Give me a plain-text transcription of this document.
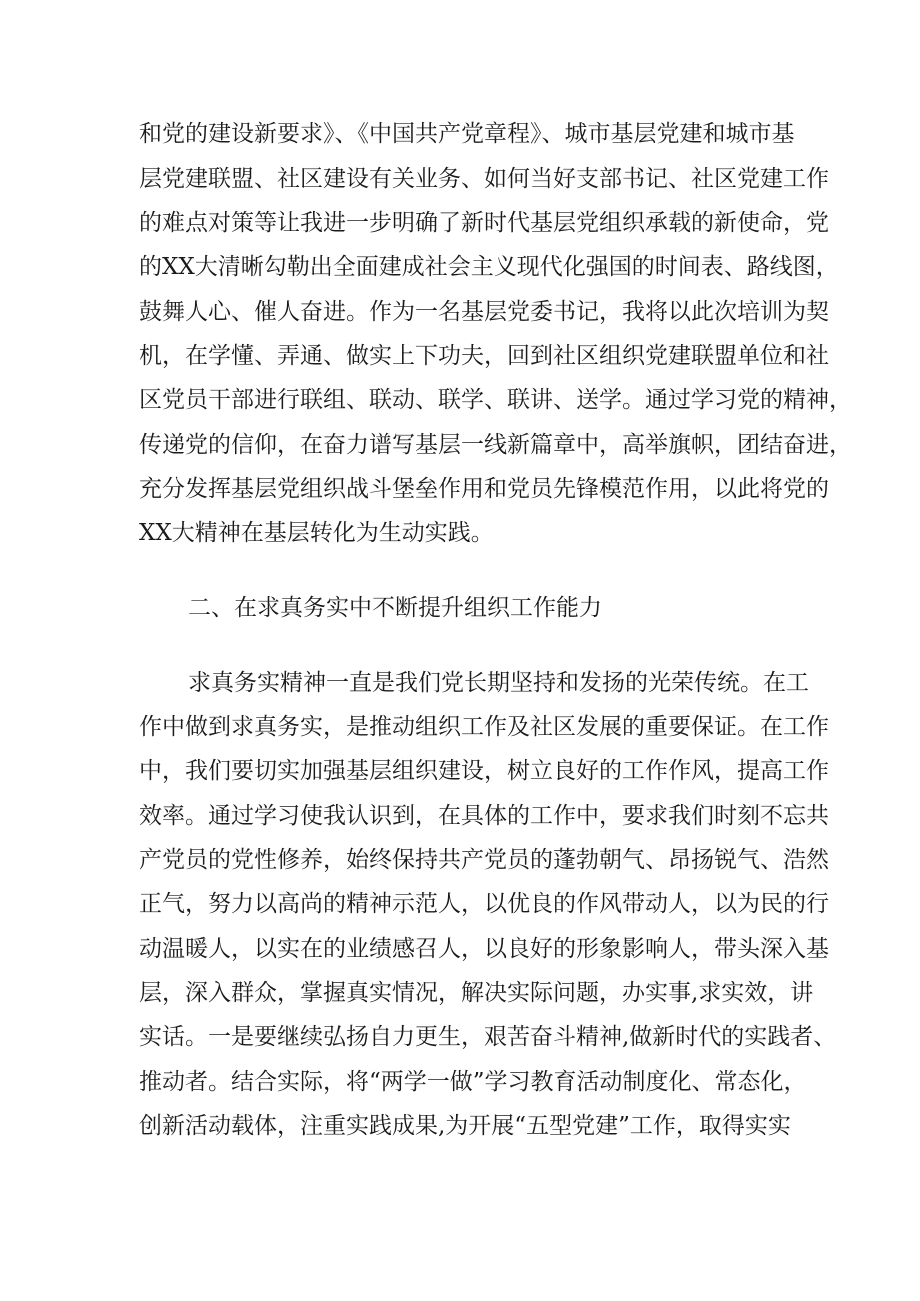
和党的建设新要求》、《中国共产党章程》、城市基层党建和城市基
层党建联盟、社区建设有关业务、如何当好支部书记、社区党建工作
的难点对策等让我进一步明确了新时代基层党组织承载的新使命，党
的XX大清晰勾勒出全面建成社会主义现代化强国的时间表、路线图，
鼓舞人心、催人奋进。作为一名基层党委书记，我将以此次培训为契
机，在学懂、弄通、做实上下功夫，回到社区组织党建联盟单位和社
区党员干部进行联组、联动、联学、联讲、送学。通过学习党的精神，
传递党的信仰，在奋力谱写基层一线新篇章中，高举旗帜，团结奋进，
充分发挥基层党组织战斗堡垒作用和党员先锋模范作用，以此将党的
XX大精神在基层转化为生动实践。
二、在求真务实中不断提升组织工作能力
求真务实精神一直是我们党长期坚持和发扬的光荣传统。在工
作中做到求真务实，是推动组织工作及社区发展的重要保证。在工作
中，我们要切实加强基层组织建设，树立良好的工作作风，提高工作
效率。通过学习使我认识到，在具体的工作中，要求我们时刻不忘共
产党员的党性修养，始终保持共产党员的蓬勃朝气、昂扬锐气、浩然
正气，努力以高尚的精神示范人，以优良的作风带动人，以为民的行
动温暖人，以实在的业绩感召人，以良好的形象影响人，带头深入基
层，深入群众，掌握真实情况，解决实际问题，办实事,求实效，讲
实话。一是要继续弘扬自力更生，艰苦奋斗精神,做新时代的实践者、
推动者。结合实际，将“两学一做”学习教育活动制度化、常态化，
创新活动载体，注重实践成果,为开展“五型党建”工作，取得实实
